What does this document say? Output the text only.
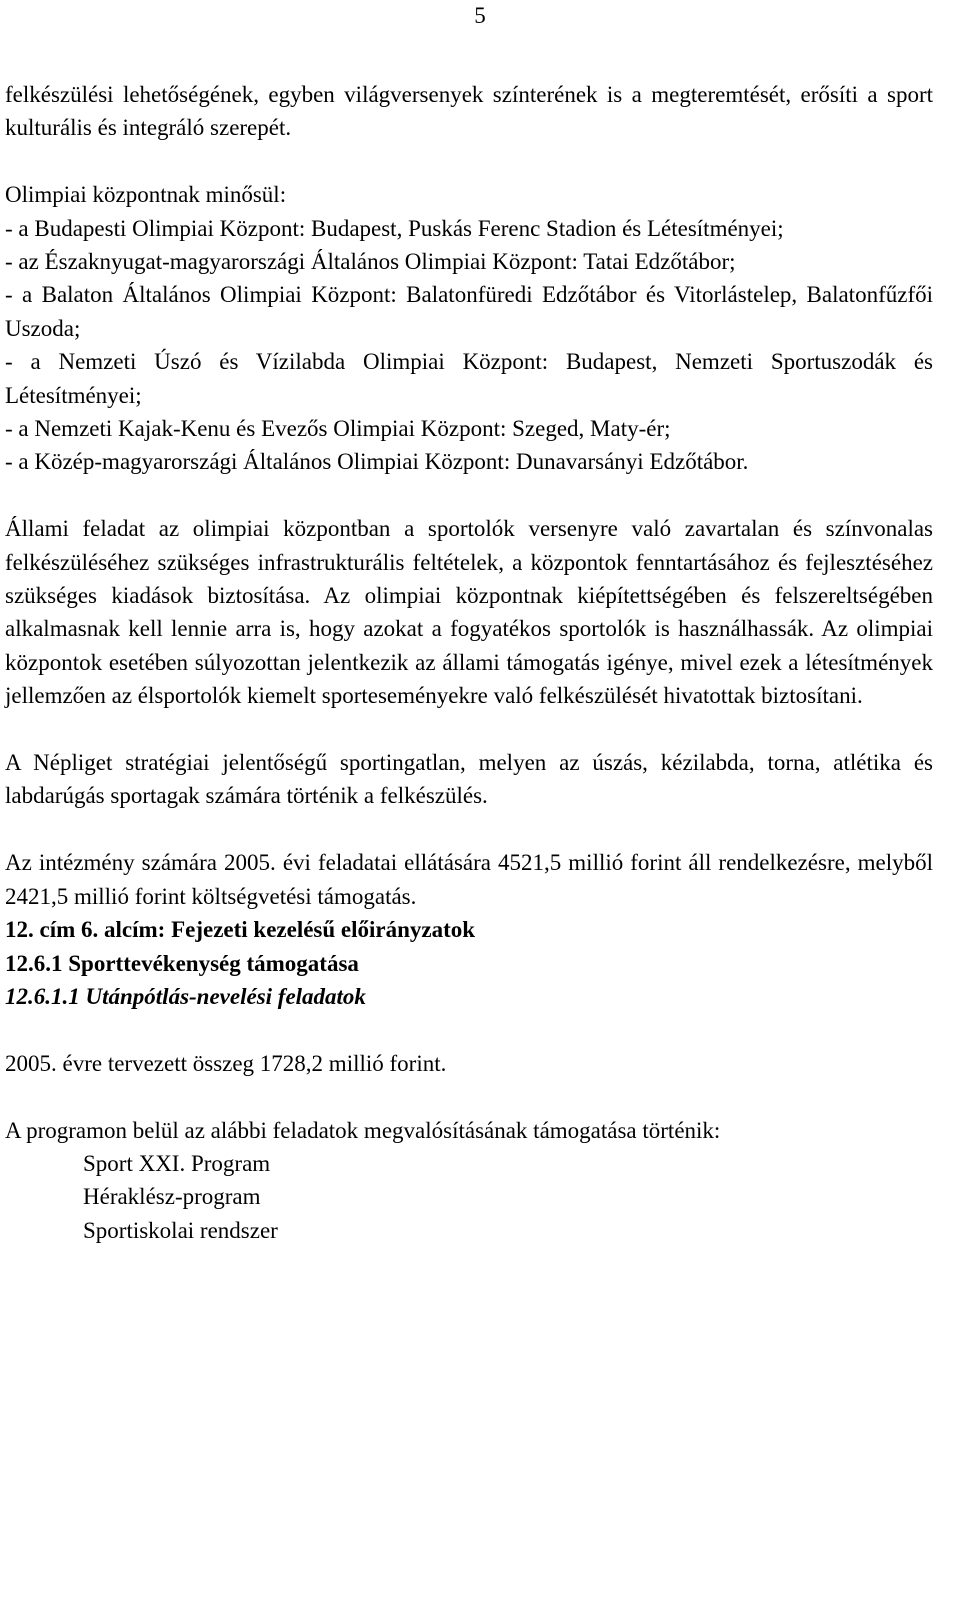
5

felkészülési lehetőségének, egyben világversenyek színterének is a megteremtését, erősíti a sport kulturális és integráló szerepét.

Olimpiai központnak minősül:

- a Budapesti Olimpiai Központ: Budapest, Puskás Ferenc Stadion és Létesítményei;

- az Északnyugat-magyarországi Általános Olimpiai Központ: Tatai Edzőtábor;

- a Balaton Általános Olimpiai Központ: Balatonfüredi Edzőtábor és Vitorlástelep, Balatonfűzfői Uszoda;

- a Nemzeti Úszó és Vízilabda Olimpiai Központ: Budapest, Nemzeti Sportuszodák és Létesítményei;

- a Nemzeti Kajak-Kenu és Evezős Olimpiai Központ: Szeged, Maty-ér;

- a Közép-magyarországi Általános Olimpiai Központ: Dunavarsányi Edzőtábor.

Állami feladat az olimpiai központban a sportolók versenyre való zavartalan és színvonalas felkészüléséhez szükséges infrastrukturális feltételek, a központok fenntartásához és fejlesztéséhez szükséges kiadások biztosítása. Az olimpiai központnak kiépítettségében és felszereltségében alkalmasnak kell lennie arra is, hogy azokat a fogyatékos sportolók is használhassák. Az olimpiai központok esetében súlyozottan jelentkezik az állami támogatás igénye, mivel ezek a létesítmények jellemzően az élsportolók kiemelt sporteseményekre való felkészülését hivatottak biztosítani.

A Népliget stratégiai jelentőségű sportingatlan, melyen az úszás, kézilabda, torna, atlétika és labdarúgás sportagak számára történik a felkészülés.

Az intézmény számára 2005. évi feladatai ellátására 4521,5 millió forint áll rendelkezésre, melyből 2421,5 millió forint költségvetési támogatás.

12. cím 6. alcím: Fejezeti kezelésű előirányzatok

12.6.1 Sporttevékenység támogatása

12.6.1.1 Utánpótlás-nevelési feladatok

2005. évre tervezett összeg 1728,2 millió forint.

A programon belül az alábbi feladatok megvalósításának támogatása történik:

Sport XXI. Program
Héraklész-program
Sportiskolai rendszer
